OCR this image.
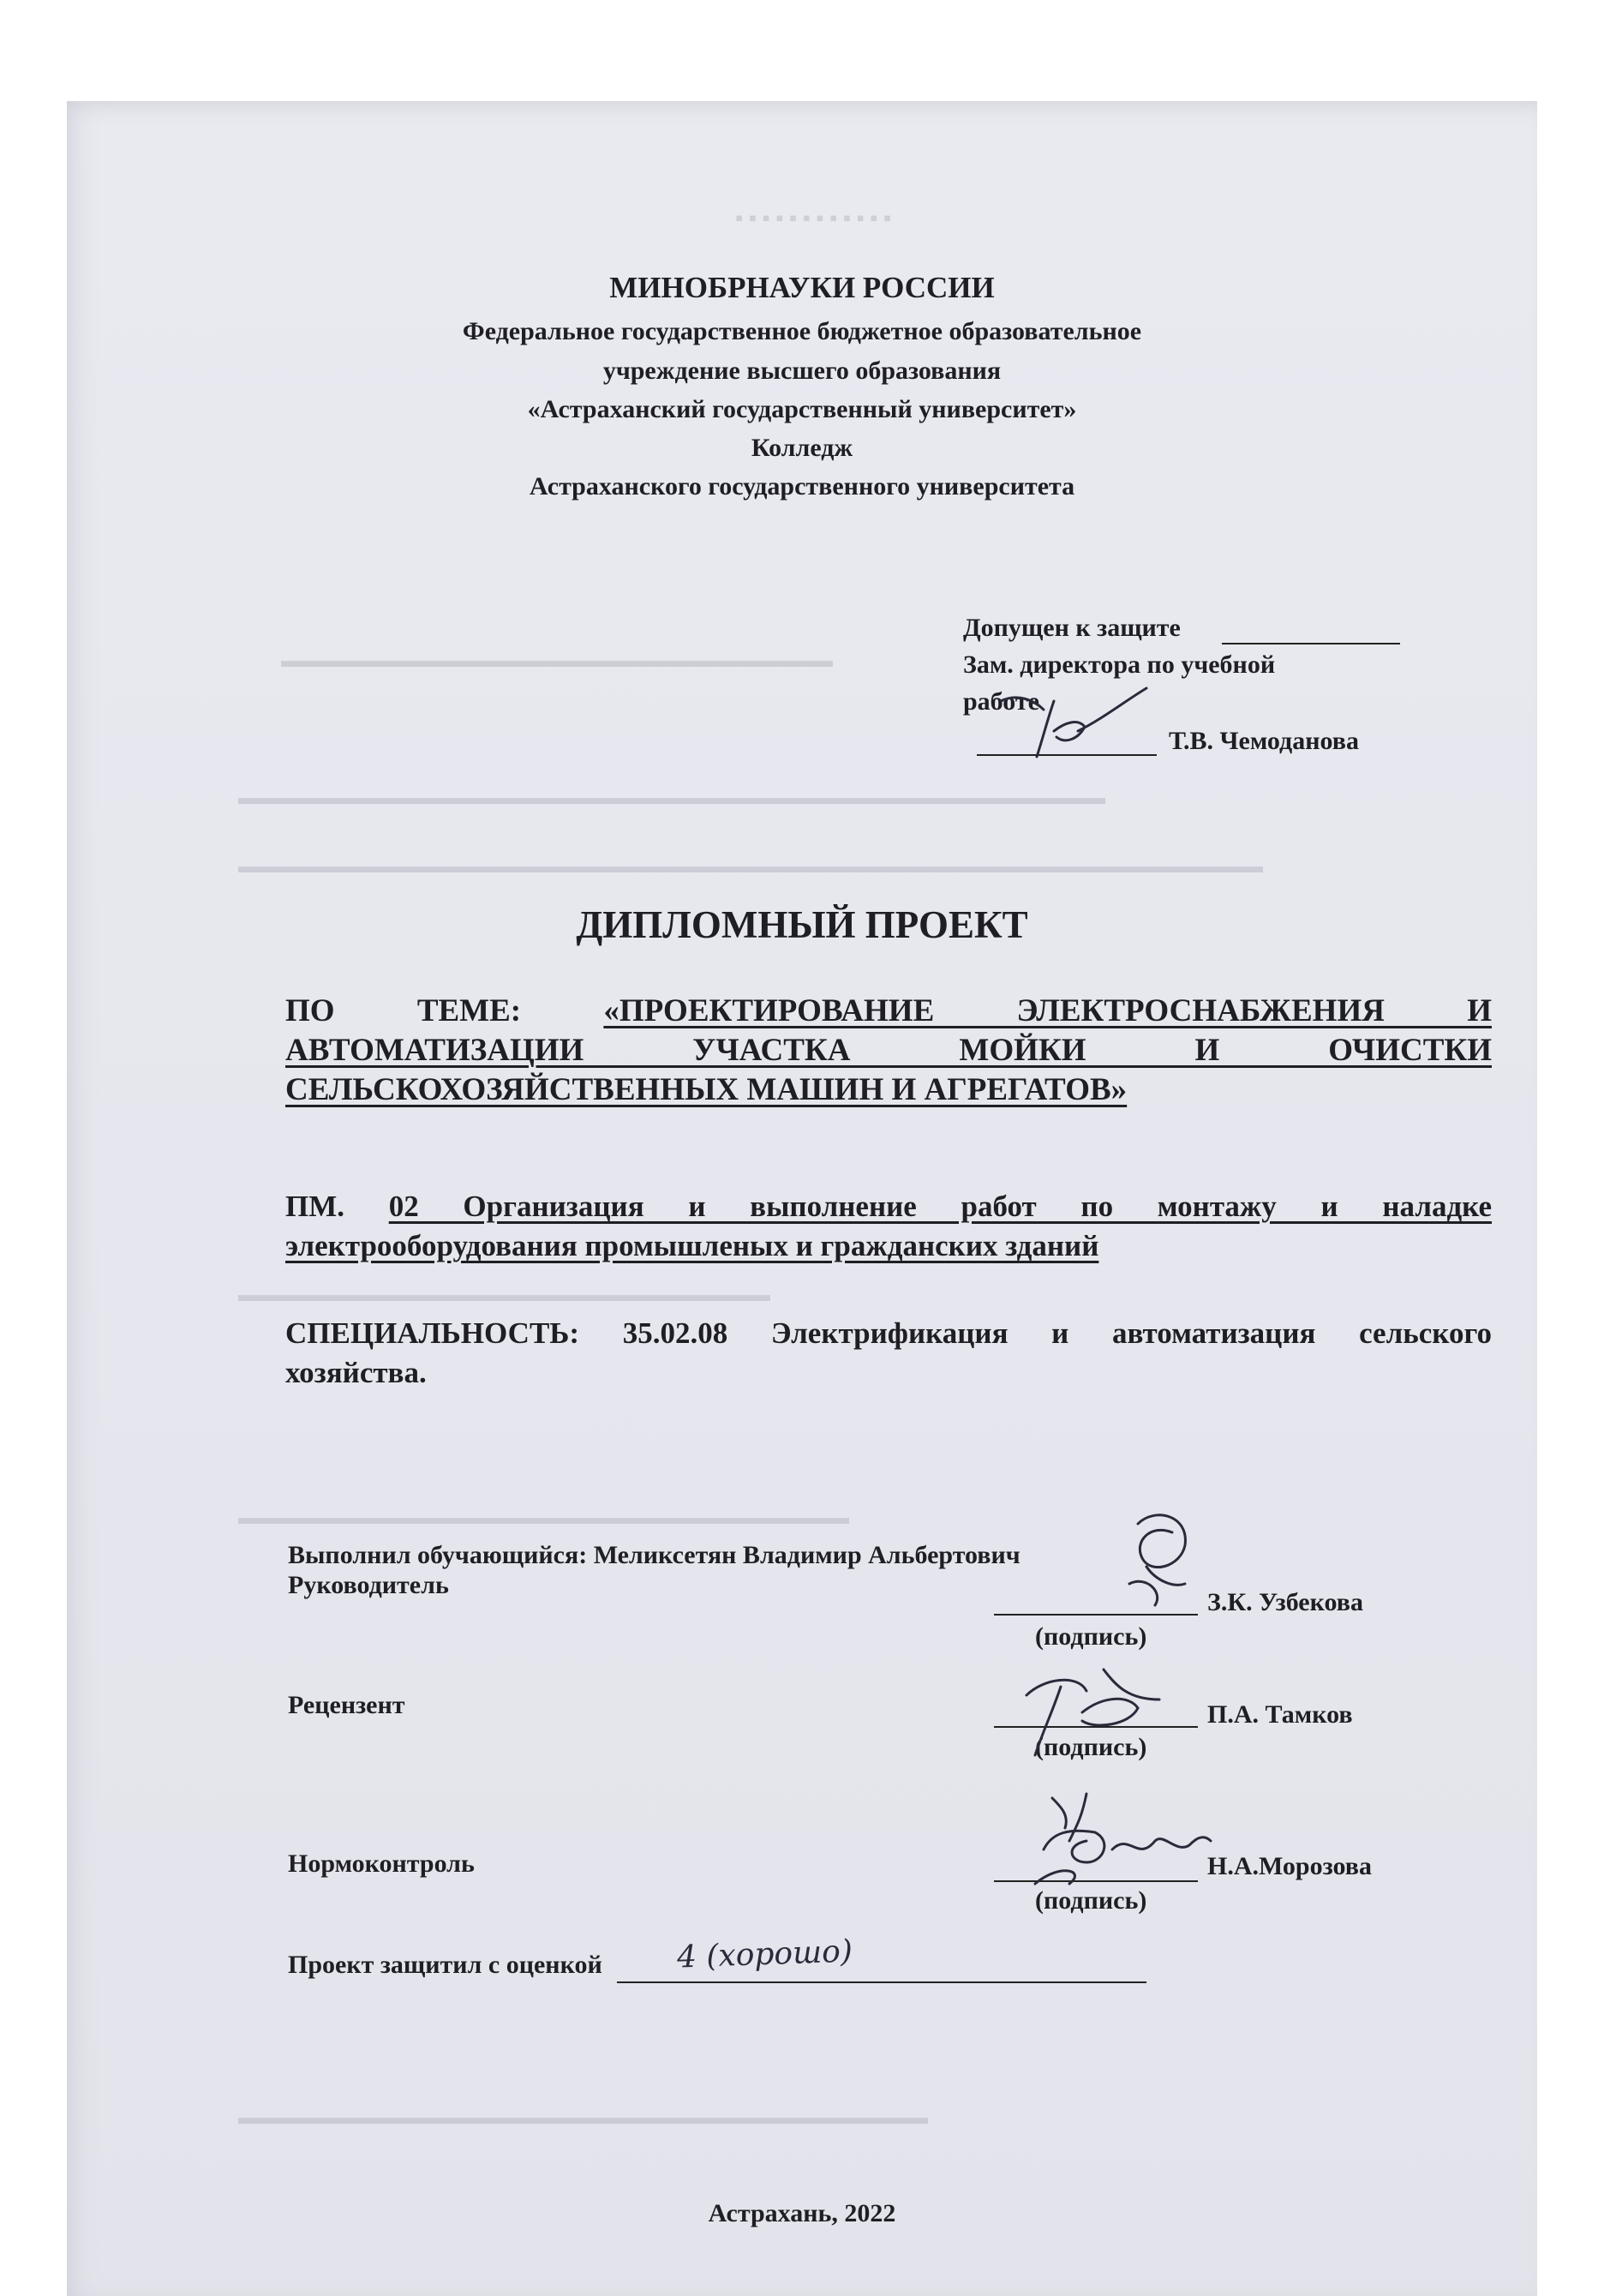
▪ ▪ ▪ ▪ ▪ ▪ ▪ ▪ ▪ ▪ ▪ ▪
▬▬▬▬▬▬▬▬▬▬▬▬▬▬▬▬▬▬▬▬▬▬▬▬▬▬▬▬
▬▬▬▬▬▬▬▬▬▬▬▬▬▬▬▬▬▬▬▬▬▬▬▬▬▬▬▬▬▬▬▬▬▬▬▬▬▬▬▬▬▬▬▬
▬▬▬▬▬▬▬▬▬▬▬▬▬▬▬▬▬▬▬▬▬▬▬▬▬▬▬▬▬▬▬▬▬▬▬▬▬▬▬▬▬▬▬▬▬▬▬▬▬▬▬▬
▬▬▬▬▬▬▬▬▬▬▬▬▬▬▬▬▬▬▬▬▬▬▬▬▬▬▬
▬▬▬▬▬▬▬▬▬▬▬▬▬▬▬▬▬▬▬▬▬▬▬▬▬▬▬▬▬▬▬
▬▬▬▬▬▬▬▬▬▬▬▬▬▬▬▬▬▬▬▬▬▬▬▬▬▬▬▬▬▬▬▬▬▬▬
МИНОБРНАУКИ РОССИИ
Федеральное государственное бюджетное образовательное
учреждение высшего образования
«Астраханский государственный университет»
Колледж
Астраханского государственного университета
Допущен к защите
Зам. директора по учебной
работе
Т.В. Чемоданова
ДИПЛОМНЫЙ ПРОЕКТ
ПО ТЕМЕ:	«ПРОЕКТИРОВАНИЕ ЭЛЕКТРОСНАБЖЕНИЯ И
АВТОМАТИЗАЦИИ УЧАСТКА МОЙКИ И ОЧИСТКИ
СЕЛЬСКОХОЗЯЙСТВЕННЫХ МАШИН И АГРЕГАТОВ»
ПМ. 02 Организация и выполнение работ по монтажу и наладке
электрооборудования промышленых и гражданских зданий
СПЕЦИАЛЬНОСТЬ: 35.02.08 Электрификация и автоматизация сельского
хозяйства.
Выполнил обучающийся: Меликсетян Владимир Альбертович
Руководитель
З.К. Узбекова
(подпись)
Рецензент	П.А. Тамков
(подпись)
Нормоконтроль	Н.А.Морозова
(подпись)
Проект защитил с оценкой 4 (хорошо)
Астрахань, 2022
